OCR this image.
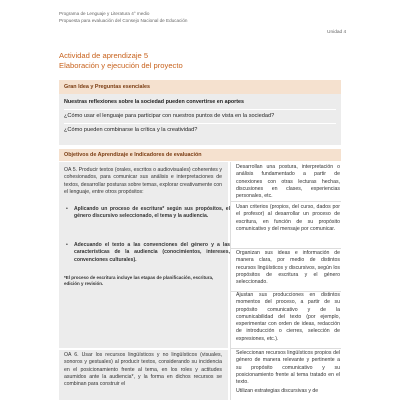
Programa de Lenguaje y Literatura 4° medio
Propuesta para evaluación del Consejo Nacional de Educación
Unidad 4
Actividad de aprendizaje 5
Elaboración y ejecución del proyecto
Gran Idea y Preguntas esenciales
Nuestras reflexiones sobre la sociedad pueden convertirse en aportes
¿Cómo usar el lenguaje para participar con nuestros puntos de vista en la sociedad?
¿Cómo pueden combinarse la crítica y la creatividad?
Objetivos de Aprendizaje e Indicadores de evaluación
OA 5. Producir textos (orales, escritos o audiovisuales) coherentes y cohesionados, para comunicar sus análisis e interpretaciones de textos, desarrollar posturas sobre temas, explorar creativamente con el lenguaje, entre otros propósitos:
• Aplicando un proceso de escritura* según sus propósitos, el género discursivo seleccionado, el tema y la audiencia.
• Adecuando el texto a las convenciones del género y a las características de la audiencia (conocimientos, intereses, convenciones culturales).
*El proceso de escritura incluye las etapas de planificación, escritura, edición y revisión.
OA 6. Usar los recursos lingüísticos y no lingüísticos (visuales, sonoros y gestuales) al producir textos, considerando su incidencia en el posicionamiento frente al tema, en los roles y actitudes asumidos ante la audiencia*, y la forma en dichos recursos se combinan para construir el
Desarrollan una postura, interpretación o análisis fundamentado a partir de conexiones con otras lecturas hechas, discusiones en clases, experiencias personales, etc.
Usan criterios (propios, del curso, dados por el profesor) al desarrollar un proceso de escritura, en función de su propósito comunicativo y del mensaje por comunicar.
Organizan sus ideas e información de manera clara, por medio de distintos recursos lingüísticos y discursivos, según los propósitos de escritura y el género seleccionado.
Ajustan sus producciones en distintos momentos del proceso, a partir de su propósito comunicativo y de la comunicabilidad del texto (por ejemplo, experimentar con orden de ideas, redacción de introducción o cierres, selección de expresiones, etc.).
Seleccionan recursos lingüísticos propios del género de manera relevante y pertinente a su propósito comunicativo y su posicionamiento frente al tema tratado en el texto.
Utilizan estrategias discursivas y de
